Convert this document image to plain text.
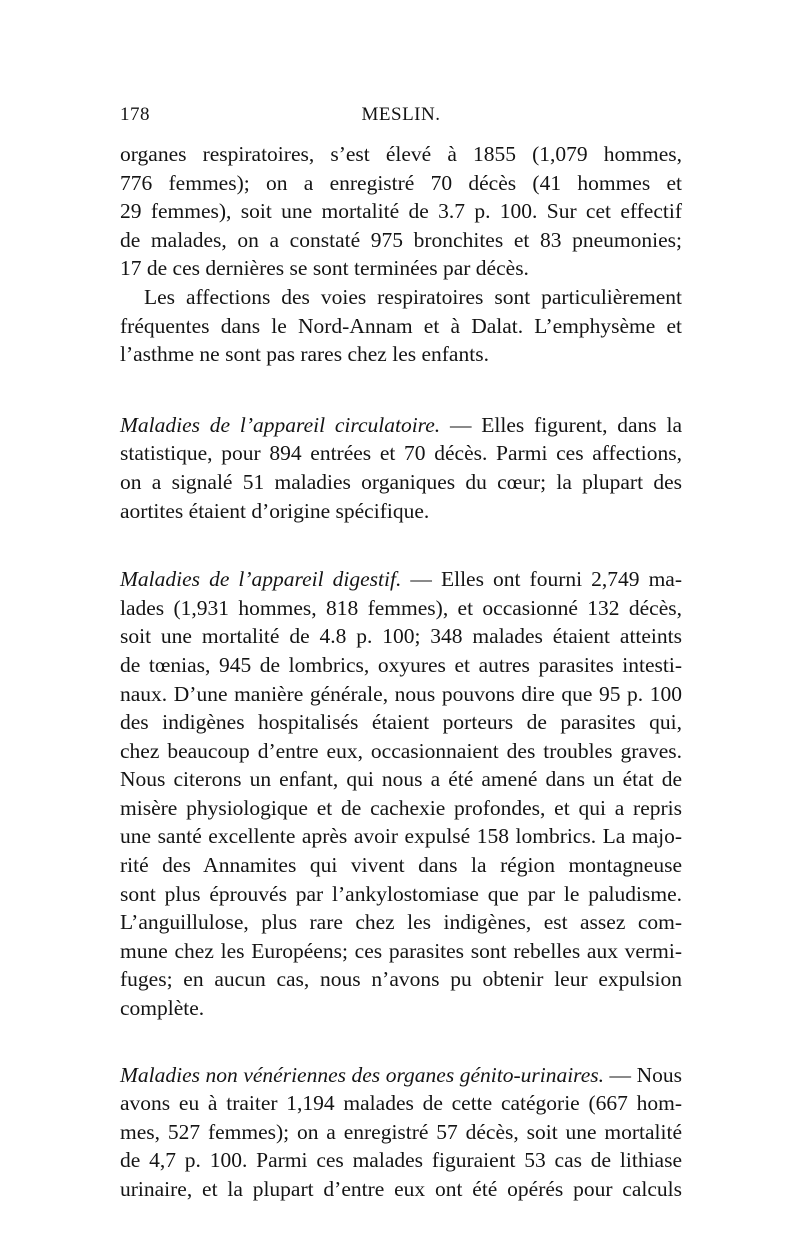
178	MESLIN.
organes respiratoires, s’est élevé à 1855 (1,079 hommes,
776 femmes); on a enregistré 70 décès (41 hommes et
29 femmes), soit une mortalité de 3.7 p. 100. Sur cet effectif
de malades, on a constaté 975 bronchites et 83 pneumonies;
17 de ces dernières se sont terminées par décès.
Les affections des voies respiratoires sont particulièrement
fréquentes dans le Nord-Annam et à Dalat. L’emphysème et
l’asthme ne sont pas rares chez les enfants.
Maladies de l’appareil circulatoire. — Elles figurent, dans la
statistique, pour 894 entrées et 70 décès. Parmi ces affections,
on a signalé 51 maladies organiques du cœur; la plupart des
aortites étaient d’origine spécifique.
Maladies de l’appareil digestif. — Elles ont fourni 2,749 ma-
lades (1,931 hommes, 818 femmes), et occasionné 132 décès,
soit une mortalité de 4.8 p. 100; 348 malades étaient atteints
de tœnias, 945 de lombrics, oxyures et autres parasites intesti-
naux. D’une manière générale, nous pouvons dire que 95 p. 100
des indigènes hospitalisés étaient porteurs de parasites qui,
chez beaucoup d’entre eux, occasionnaient des troubles graves.
Nous citerons un enfant, qui nous a été amené dans un état de
misère physiologique et de cachexie profondes, et qui a repris
une santé excellente après avoir expulsé 158 lombrics. La majo-
rité des Annamites qui vivent dans la région montagneuse
sont plus éprouvés par l’ankylostomiase que par le paludisme.
L’anguillulose, plus rare chez les indigènes, est assez com-
mune chez les Européens; ces parasites sont rebelles aux vermi-
fuges; en aucun cas, nous n’avons pu obtenir leur expulsion
complète.
Maladies non vénériennes des organes génito-urinaires. — Nous
avons eu à traiter 1,194 malades de cette catégorie (667 hom-
mes, 527 femmes); on a enregistré 57 décès, soit une mortalité
de 4,7 p. 100. Parmi ces malades figuraient 53 cas de lithiase
urinaire, et la plupart d’entre eux ont été opérés pour calculs
